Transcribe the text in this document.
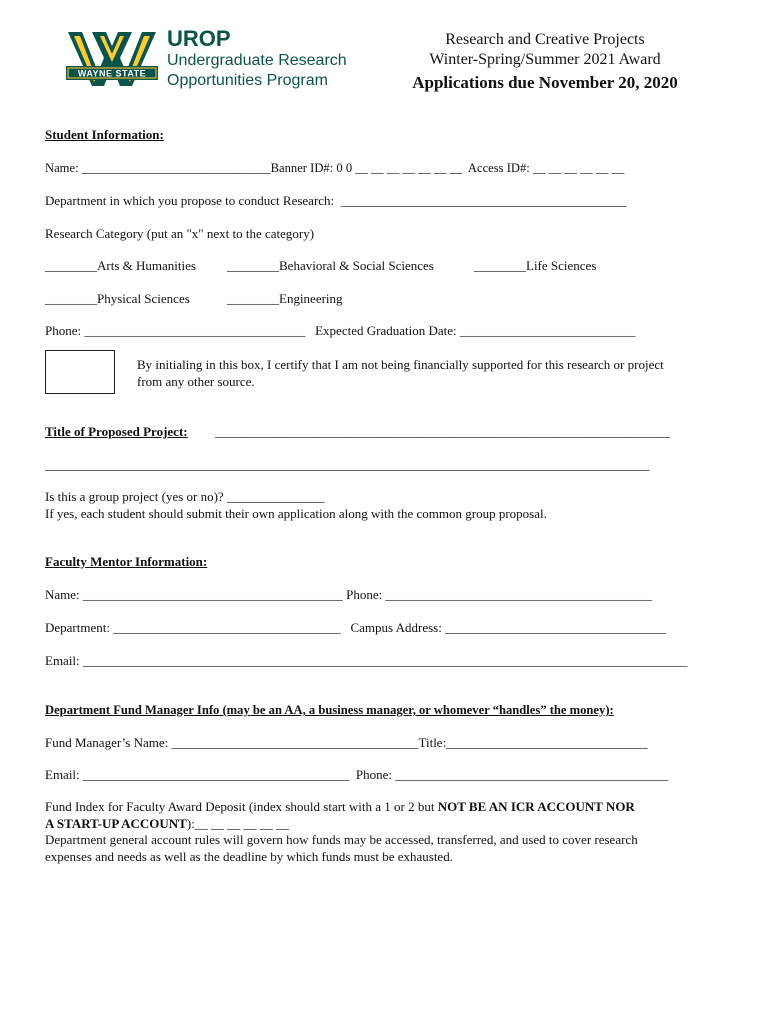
WAYNE STATE
UROP
Undergraduate Research
Opportunities Program
Research and Creative Projects
Winter-Spring/Summer 2021 Award
Applications due November 20, 2020
Student Information:
Name: ______________________________Banner ID#: 0 0 __ __ __ __ __ __ __  Access ID#: __ __ __ __ __ __
Department in which you propose to conduct Research:  ____________________________________________
Research Category (put an "x" next to the category)
________Arts & Humanities ________Behavioral & Social Sciences	________Life Sciences
________Physical Sciences	________Engineering
Phone: __________________________________   Expected Graduation Date: ___________________________
By initialing in this box, I certify that I am not being financially supported for this research or project
from any other source.
Title of Proposed Project: ______________________________________________________________________
_____________________________________________________________________________________________
Is this a group project (yes or no)? _______________
If yes, each student should submit their own application along with the common group proposal.
Faculty Mentor Information:
Name: ________________________________________ Phone: _________________________________________
Department: ___________________________________   Campus Address: __________________________________
Email: _____________________________________________________________________________________________
Department Fund Manager Info (may be an AA, a business manager, or whomever “handles” the money):
Fund Manager’s Name: ______________________________________Title:_______________________________
Email: _________________________________________  Phone: __________________________________________
Fund Index for Faculty Award Deposit (index should start with a 1 or 2 but NOT BE AN ICR ACCOUNT NOR
A START-UP ACCOUNT):__ __ __ __ __ __
Department general account rules will govern how funds may be accessed, transferred, and used to cover research
expenses and needs as well as the deadline by which funds must be exhausted.
